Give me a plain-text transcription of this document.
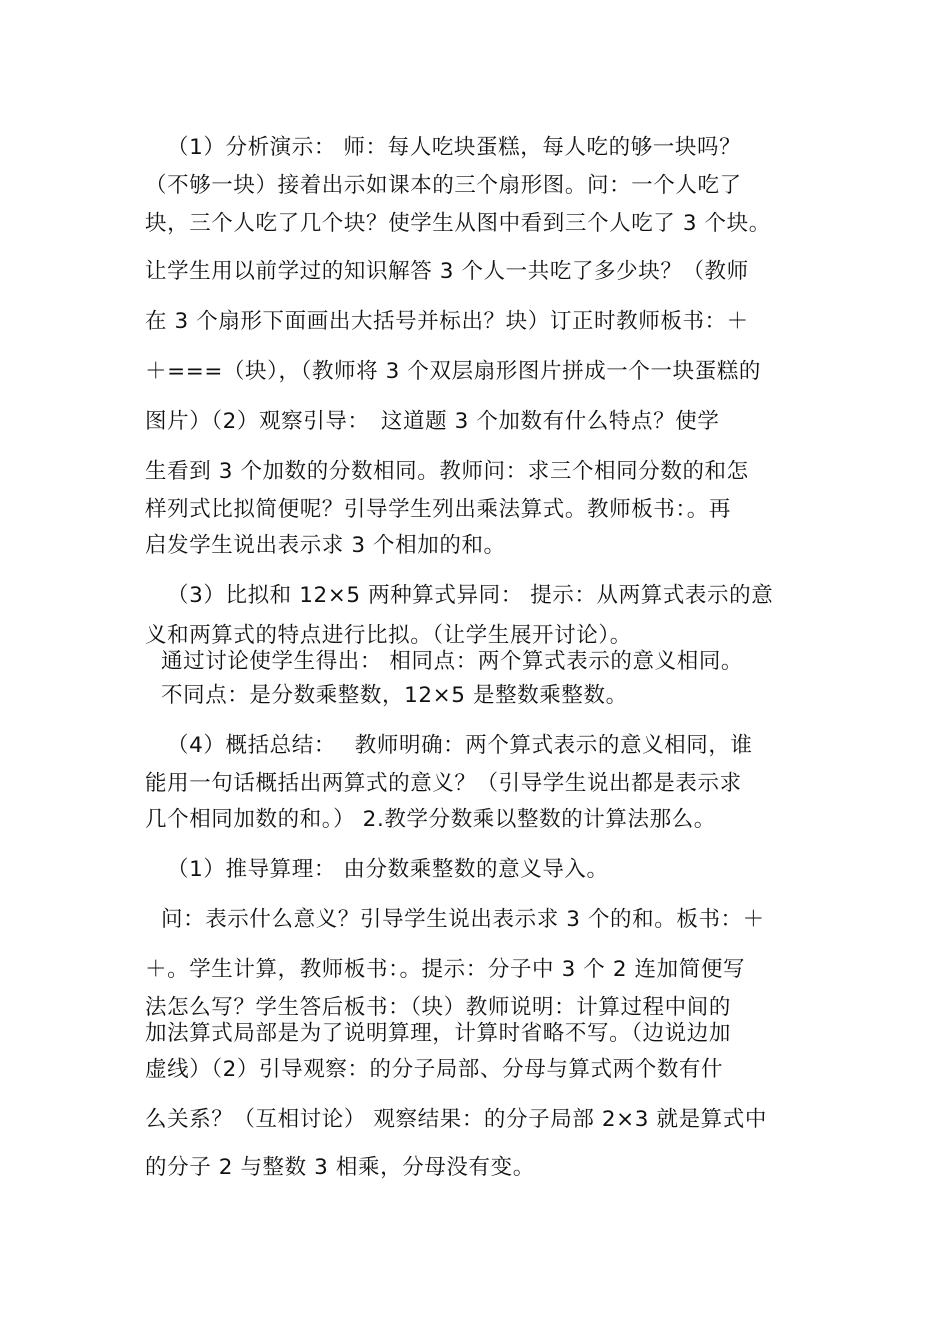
（1）分析演示： 师：每人吃块蛋糕，每人吃的够一块吗？
（不够一块）接着出示如课本的三个扇形图。问：一个人吃了
块，三个人吃了几个块？使学生从图中看到三个人吃了 3 个块。
让学生用以前学过的知识解答 3 个人一共吃了多少块？（教师
在 3 个扇形下面画出大括号并标出？块）订正时教师板书：＋
＋===（块），（教师将 3 个双层扇形图片拼成一个一块蛋糕的
图片）（2）观察引导：　这道题 3 个加数有什么特点？使学
生看到 3 个加数的分数相同。教师问：求三个相同分数的和怎
样列式比拟简便呢？引导学生列出乘法算式。教师板书：。再
启发学生说出表示求 3 个相加的和。
（3）比拟和 12×5 两种算式异同： 提示：从两算式表示的意
义和两算式的特点进行比拟。（让学生展开讨论）。
通过讨论使学生得出： 相同点：两个算式表示的意义相同。
不同点：是分数乘整数，12×5 是整数乘整数。
（4）概括总结：　 教师明确：两个算式表示的意义相同，谁
能用一句话概括出两算式的意义？（引导学生说出都是表示求
几个相同加数的和。） 2.教学分数乘以整数的计算法那么。
（1）推导算理： 由分数乘整数的意义导入。
问：表示什么意义？引导学生说出表示求 3 个的和。板书：＋
＋。学生计算，教师板书：。提示：分子中 3 个 2 连加简便写
法怎么写？学生答后板书：（块）教师说明：计算过程中间的
加法算式局部是为了说明算理，计算时省略不写。（边说边加
虚线）（2）引导观察：的分子局部、分母与算式两个数有什
么关系？（互相讨论） 观察结果：的分子局部 2×3 就是算式中
的分子 2 与整数 3 相乘，分母没有变。
